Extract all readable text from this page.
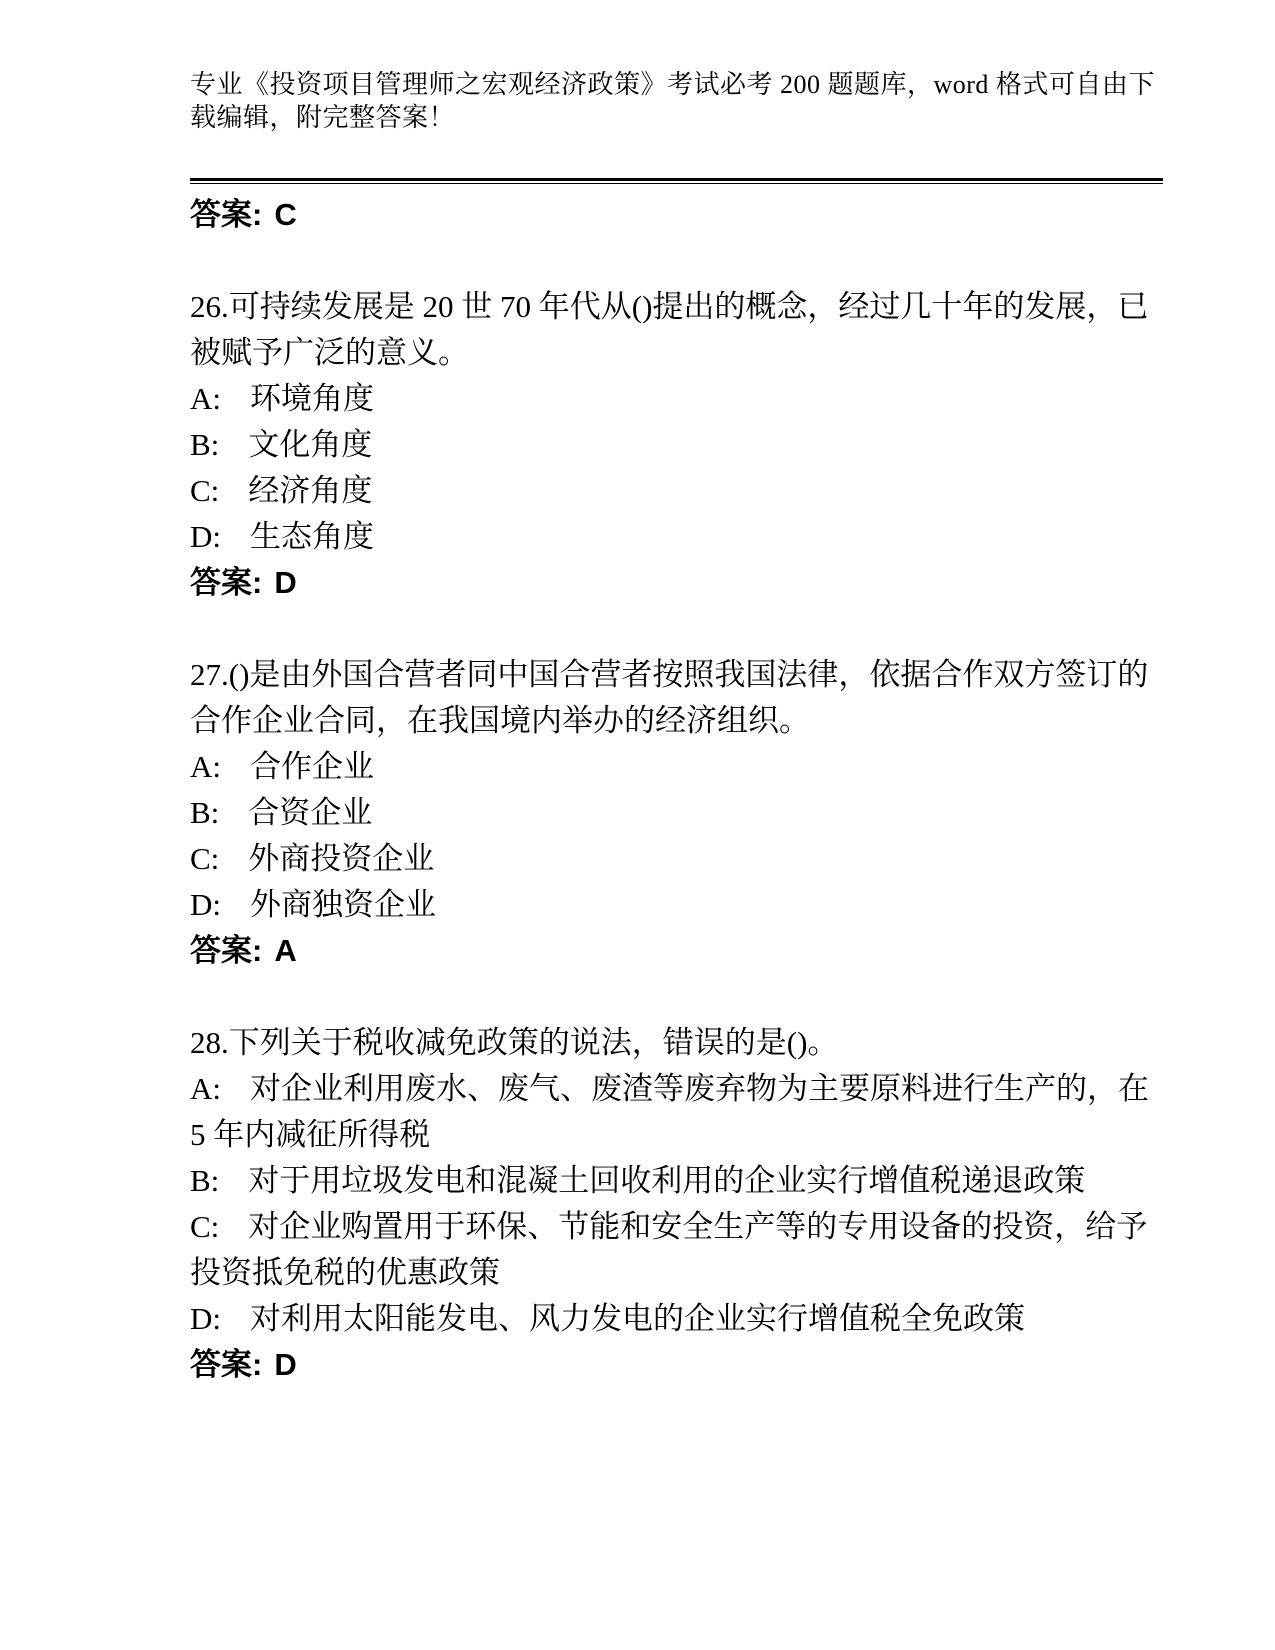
专业《投资项目管理师之宏观经济政策》考试必考 200 题题库，word 格式可自由下载编辑，附完整答案！

答案: C

26.可持续发展是 20 世 70 年代从()提出的概念，经过几十年的发展，已被赋予广泛的意义。

A: 环境角度

B: 文化角度

C: 经济角度

D: 生态角度

答案: D

27.()是由外国合营者同中国合营者按照我国法律，依据合作双方签订的合作企业合同，在我国境内举办的经济组织。

A: 合作企业

B: 合资企业

C: 外商投资企业

D: 外商独资企业

答案: A

28.下列关于税收减免政策的说法，错误的是()。

A: 对企业利用废水、废气、废渣等废弃物为主要原料进行生产的，在 5 年内减征所得税

B: 对于用垃圾发电和混凝土回收利用的企业实行增值税递退政策

C: 对企业购置用于环保、节能和安全生产等的专用设备的投资，给予投资抵免税的优惠政策

D: 对利用太阳能发电、风力发电的企业实行增值税全免政策

答案: D
